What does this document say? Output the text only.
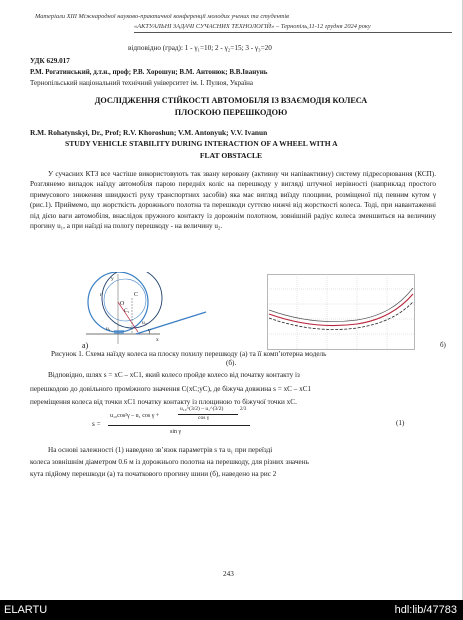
Матеріали XIII Міжнародної науково-практичної конференції молодих учених та студентів
«АКТУАЛЬНІ ЗАДАЧІ СУЧАСНИХ ТЕХНОЛОГІЙ» – Тернопіль,11-12 грудня 2024 року
відповідно (град): 1 - γ₁=10; 2 - γ₂=15; 3 - γ₃=20
УДК 629.017
Р.М. Рогатинський, д.т.н., проф; Р.В. Хорошун; В.М. Антонюк; В.В.Іванунь
Тернопільський національний технічний університет ім. І. Пулюя, Україна
ДОСЛІДЖЕННЯ СТІЙКОСТІ АВТОМОБІЛЯ ІЗ ВЗАЄМОДІЯ КОЛЕСА
ПЛОСКОЮ ПЕРЕШКОДОЮ
R.M. Rohatynskyi, Dr., Prof; R.V. Khoroshun; V.M. Antonyuk; V.V. Ivanun
STUDY VEHICLE STABILITY DURING INTERACTION OF A WHEEL WITH A
FLAT OBSTACLE
У сучасних КТЗ все частіше використовують так звану керовану (активну чи напівактивну) систему підресорювання (КСП). Розглянемо випадок наїзду автомобіля парою передніх коліс на перешкоду у вигляді штучної нерівності (наприклад простого примусового зниження швидкості руху транспортних засобів) яка має вигляд виїзду площини, розміщеної під певним кутом γ (рис.1). Приймемо, що жорсткість дорожнього полотна та перешкоди суттєво нижчі від жорсткості колеса. Тоді, при навантаженні під дією ваги автомобіля, внаслідок пружного контакту із дорожнім полотном, зовнішній радіус колеса зменшиться на величину прогину u₁, а при наїзді на пологу перешкоду - на величину u₂.
а)
O
C
C₁
u₁
u₂
x
y
γ
r
б)
Рисунок 1. Схема наїзду колеса на плоску похилу перешкоду (а) та її комп’ютерна модель
(б).
Відповідно, шлях s = xC – xC1, який колесо пройде колесо від початку контакту із
перешкодою до довільного проміжного значення C(xC;yC), де біжуча довжина s = xC – xC1
переміщення колеса від точки xC1 початку контакту із площиною то біжучої точки xC.
s =
u₁₀cos²γ – u₁ cos γ +
u₁₀^(3/2) – u₁^(3/2)
cos γ
2/3
sin γ
(1)
На основі залежності (1) наведено зв’язок параметрів s та u₁ при переїзді
колеса зовнішнім діаметром 0.6 м із дорожнього полотна на перешкоду, для різних значень
кута підйому перешкоди (а) та початкового прогину шини (б), наведено на рис 2
243
ELARTU	hdl:lib/47783
